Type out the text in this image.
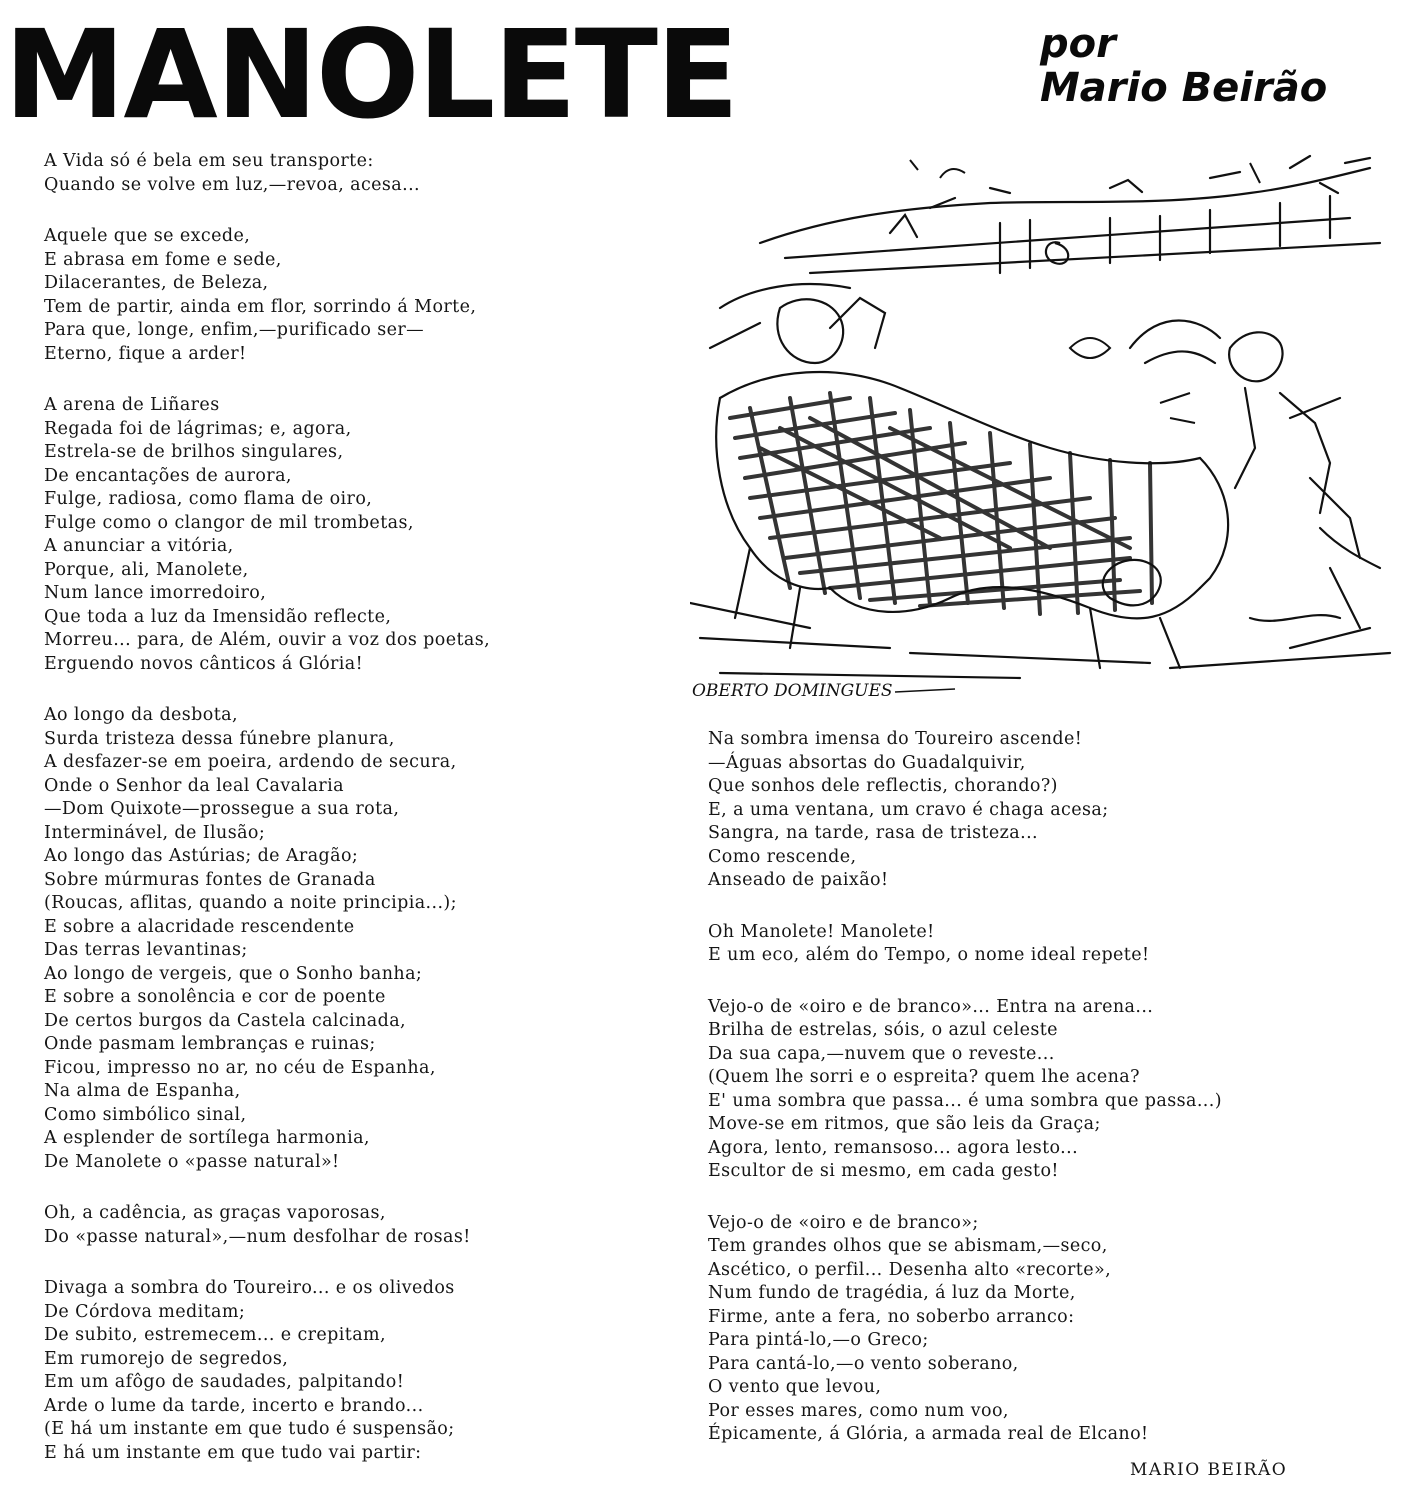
MANOLETE	por
Mario Beirão
A Vida só é bela em seu transporte:
Quando se volve em luz,—revoa, acesa...
Aquele que se excede,
E abrasa em fome e sede,
Dilacerantes, de Beleza,
Tem de partir, ainda em flor, sorrindo á Morte,
Para que, longe, enfim,—purificado ser—
Eterno, fique a arder!
A arena de Liñares
Regada foi de lágrimas; e, agora,
Estrela-se de brilhos singulares,
De encantações de aurora,
Fulge, radiosa, como flama de oiro,
Fulge como o clangor de mil trombetas,
A anunciar a vitória,
Porque, ali, Manolete,
Num lance imorredoiro,
Que toda a luz da Imensidão reflecte,
Morreu... para, de Além, ouvir a voz dos poetas,
Erguendo novos cânticos á Glória!
Ao longo da desbota,
Surda tristeza dessa fúnebre planura,
A desfazer-se em poeira, ardendo de secura,
Onde o Senhor da leal Cavalaria
—Dom Quixote—prossegue a sua rota,
Interminável, de Ilusão;
Ao longo das Astúrias; de Aragão;
Sobre múrmuras fontes de Granada
(Roucas, aflitas, quando a noite principia...);
E sobre a alacridade rescendente
Das terras levantinas;
Ao longo de vergeis, que o Sonho banha;
E sobre a sonolência e cor de poente
De certos burgos da Castela calcinada,
Onde pasmam lembranças e ruinas;
Ficou, impresso no ar, no céu de Espanha,
Na alma de Espanha,
Como simbólico sinal,
A esplender de sortílega harmonia,
De Manolete o «passe natural»!
Oh, a cadência, as graças vaporosas,
Do «passe natural»,—num desfolhar de rosas!
Divaga a sombra do Toureiro... e os olivedos
De Córdova meditam;
De subito, estremecem... e crepitam,
Em rumorejo de segredos,
Em um afôgo de saudades, palpitando!
Arde o lume da tarde, incerto e brando...
(E há um instante em que tudo é suspensão;
E há um instante em que tudo vai partir:
OBERTO DOMINGUES
Na sombra imensa do Toureiro ascende!
—Águas absortas do Guadalquivir,
Que sonhos dele reflectis, chorando?)
E, a uma ventana, um cravo é chaga acesa;
Sangra, na tarde, rasa de tristeza...
Como rescende,
Anseado de paixão!
Oh Manolete! Manolete!
E um eco, além do Tempo, o nome ideal repete!
Vejo-o de «oiro e de branco»... Entra na arena...
Brilha de estrelas, sóis, o azul celeste
Da sua capa,—nuvem que o reveste...
(Quem lhe sorri e o espreita? quem lhe acena?
E' uma sombra que passa... é uma sombra que passa...)
Move-se em ritmos, que são leis da Graça;
Agora, lento, remansoso... agora lesto...
Escultor de si mesmo, em cada gesto!
Vejo-o de «oiro e de branco»;
Tem grandes olhos que se abismam,—seco,
Ascético, o perfil... Desenha alto «recorte»,
Num fundo de tragédia, á luz da Morte,
Firme, ante a fera, no soberbo arranco:
Para pintá-lo,—o Greco;
Para cantá-lo,—o vento soberano,
O vento que levou,
Por esses mares, como num voo,
Épicamente, á Glória, a armada real de Elcano!
MARIO BEIRÃO
